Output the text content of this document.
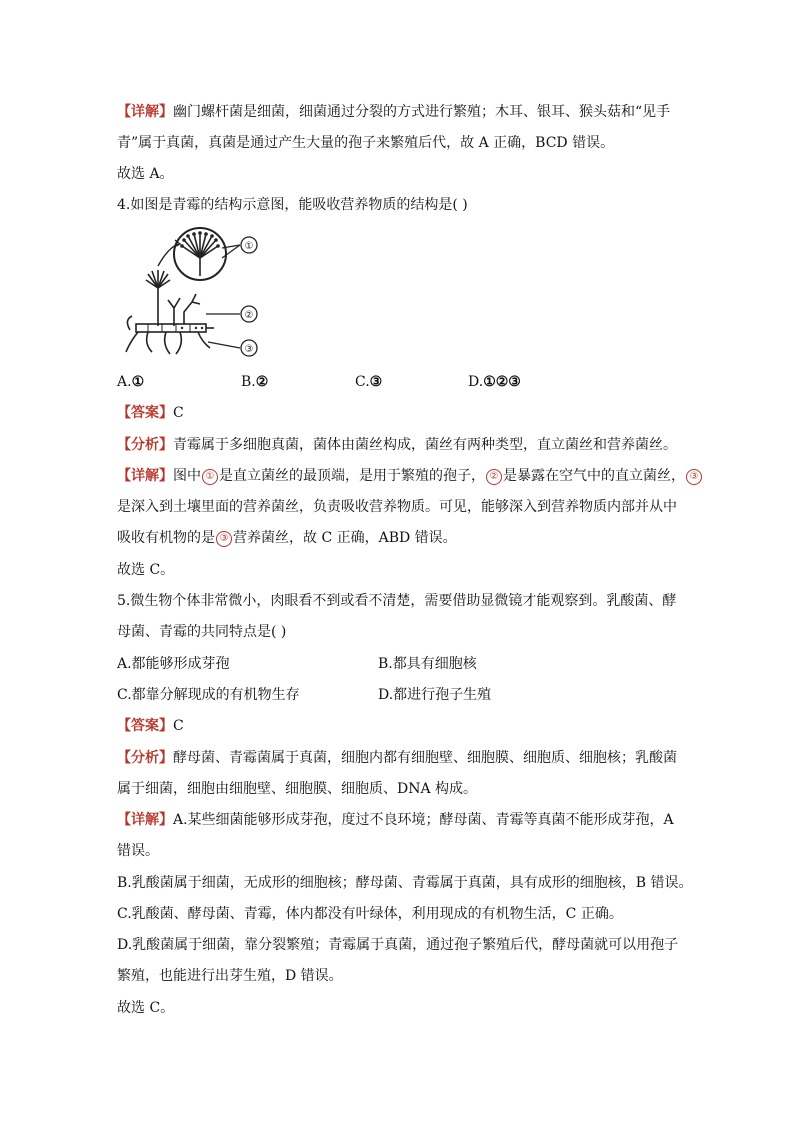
【详解】幽门螺杆菌是细菌，细菌通过分裂的方式进行繁殖；木耳、银耳、猴头菇和“见手
青”属于真菌，真菌是通过产生大量的孢子来繁殖后代，故 A 正确，BCD 错误。
故选 A。
4.如图是青霉的结构示意图，能吸收营养物质的结构是( )
①
②
③
A.①	B.②	C.③	D.①②③
【答案】C
【分析】青霉属于多细胞真菌，菌体由菌丝构成，菌丝有两种类型，直立菌丝和营养菌丝。
【详解】图中 ① 是直立菌丝的最顶端，是用于繁殖的孢子， ② 是暴露在空气中的直立菌丝， ③
是深入到土壤里面的营养菌丝，负责吸收营养物质。可见，能够深入到营养物质内部并从中
吸收有机物的是 ③ 营养菌丝，故 C 正确，ABD 错误。
故选 C。
5.微生物个体非常微小，肉眼看不到或看不清楚，需要借助显微镜才能观察到。乳酸菌、酵
母菌、青霉的共同特点是( )
A.都能够形成芽孢	B.都具有细胞核
C.都靠分解现成的有机物生存	D.都进行孢子生殖
【答案】C
【分析】酵母菌、青霉菌属于真菌，细胞内都有细胞壁、细胞膜、细胞质、细胞核；乳酸菌
属于细菌，细胞由细胞壁、细胞膜、细胞质、DNA 构成。
【详解】A.某些细菌能够形成芽孢，度过不良环境；酵母菌、青霉等真菌不能形成芽孢，A
错误。
B.乳酸菌属于细菌，无成形的细胞核；酵母菌、青霉属于真菌，具有成形的细胞核，B 错误。
C.乳酸菌、酵母菌、青霉，体内都没有叶绿体，利用现成的有机物生活，C 正确。
D.乳酸菌属于细菌，靠分裂繁殖；青霉属于真菌，通过孢子繁殖后代，酵母菌就可以用孢子
繁殖，也能进行出芽生殖，D 错误。
故选 C。
